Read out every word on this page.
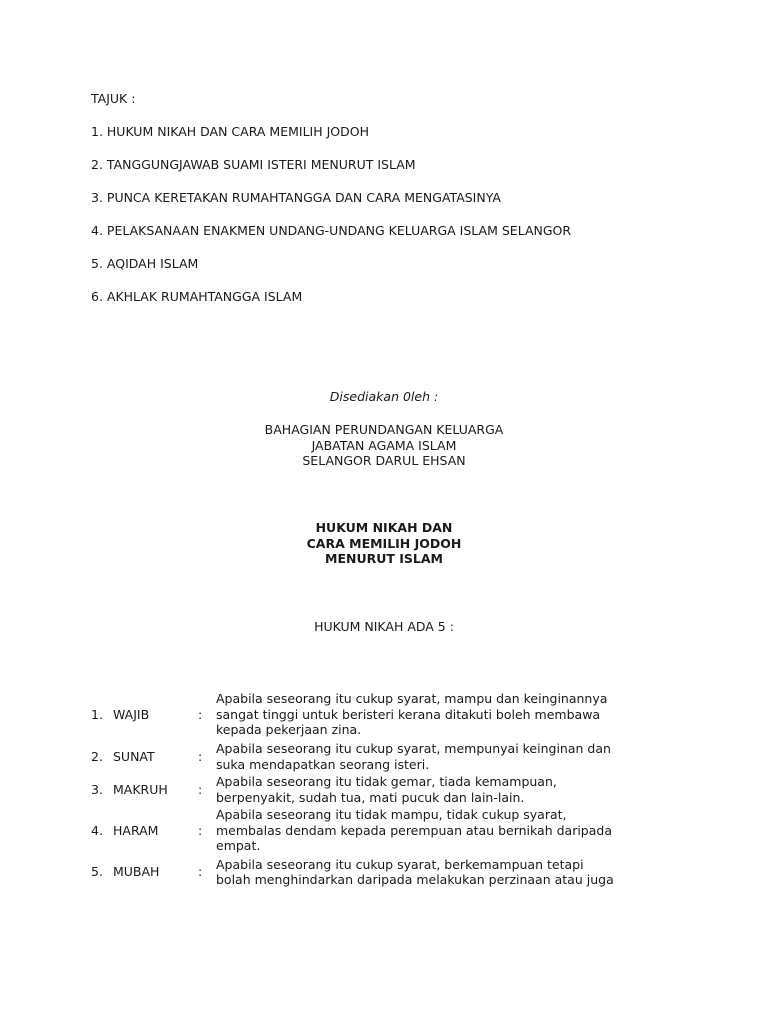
TAJUK :
1. HUKUM NIKAH DAN CARA MEMILIH JODOH
2. TANGGUNGJAWAB SUAMI ISTERI MENURUT ISLAM
3. PUNCA KERETAKAN RUMAHTANGGA DAN CARA MENGATASINYA
4. PELAKSANAAN ENAKMEN UNDANG-UNDANG KELUARGA ISLAM SELANGOR
5. AQIDAH ISLAM
6. AKHLAK RUMAHTANGGA ISLAM
Disediakan 0leh :
BAHAGIAN PERUNDANGAN KELUARGA
JABATAN AGAMA ISLAM
SELANGOR DARUL EHSAN
HUKUM NIKAH DAN
CARA MEMILIH JODOH
MENURUT ISLAM
HUKUM NIKAH ADA 5 :
1.	WAJIB	:	Apabila seseorang itu cukup syarat, mampu dan keinginannya
sangat tinggi untuk beristeri kerana ditakuti boleh membawa
kepada pekerjaan zina.

2.	SUNAT	:	Apabila seseorang itu cukup syarat, mempunyai keinginan dan
suka mendapatkan seorang isteri.

3.	MAKRUH	:	Apabila seseorang itu tidak gemar, tiada kemampuan,
berpenyakit, sudah tua, mati pucuk dan lain-lain.

4.	HARAM	:	Apabila seseorang itu tidak mampu, tidak cukup syarat,
membalas dendam kepada perempuan atau bernikah daripada
empat.

5.	MUBAH	:	Apabila seseorang itu cukup syarat, berkemampuan tetapi
bolah menghindarkan daripada melakukan perzinaan atau juga
